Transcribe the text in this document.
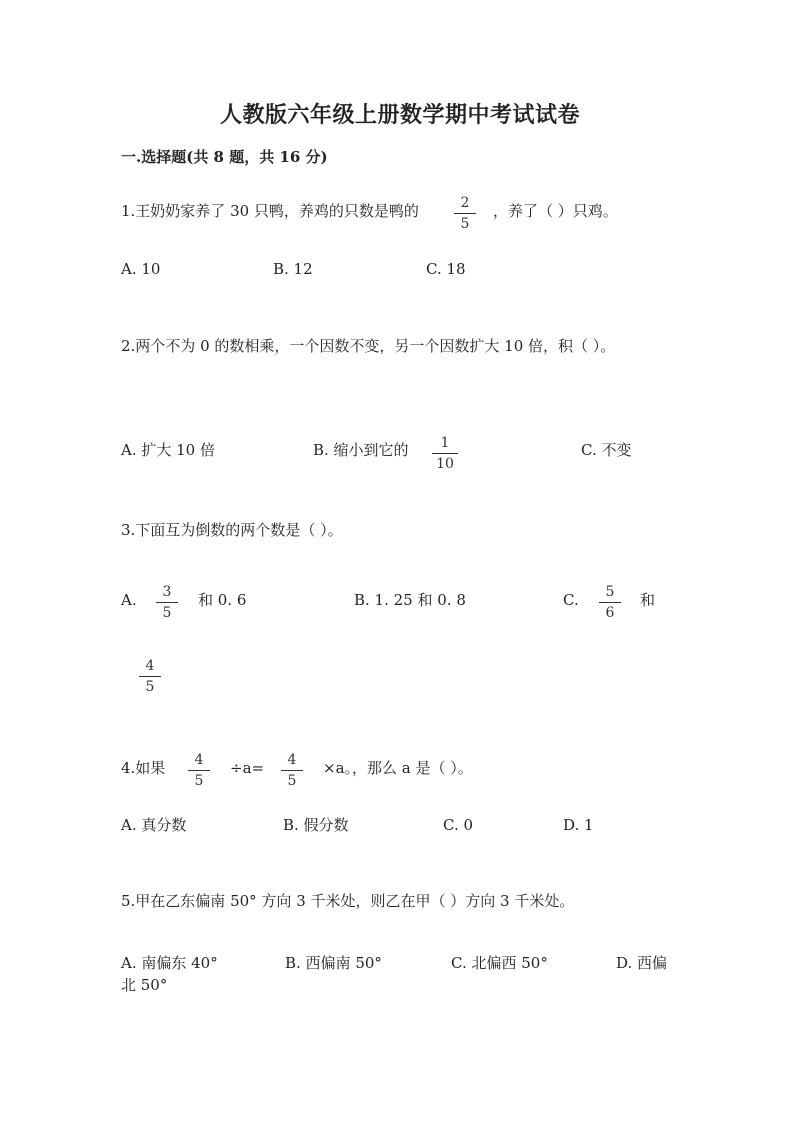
人教版六年级上册数学期中考试试卷
一.选择题(共 8 题，共 16 分)
1.王奶奶家养了 30 只鸭，养鸡的只数是鸭的	2
5
，养了（ ）只鸡。
A. 10	B. 12	C. 18
2.两个不为 0 的数相乘，一个因数不变，另一个因数扩大 10 倍，积（ ）。
A. 扩大 10 倍	B. 缩小到它的	1
10
C. 不变
3.下面互为倒数的两个数是（ ）。
A.	3
5
和 0. 6	B. 1. 25 和 0. 8	C.	5
6
和
4
5
4.如果	4
5
÷a=	4
5
×a。，那么 a 是（ ）。
A. 真分数	B. 假分数	C. 0	D. 1
5.甲在乙东偏南 50° 方向 3 千米处，则乙在甲（ ）方向 3 千米处。
A. 南偏东 40°	B. 西偏南 50°	C. 北偏西 50°	D. 西偏
北 50°
